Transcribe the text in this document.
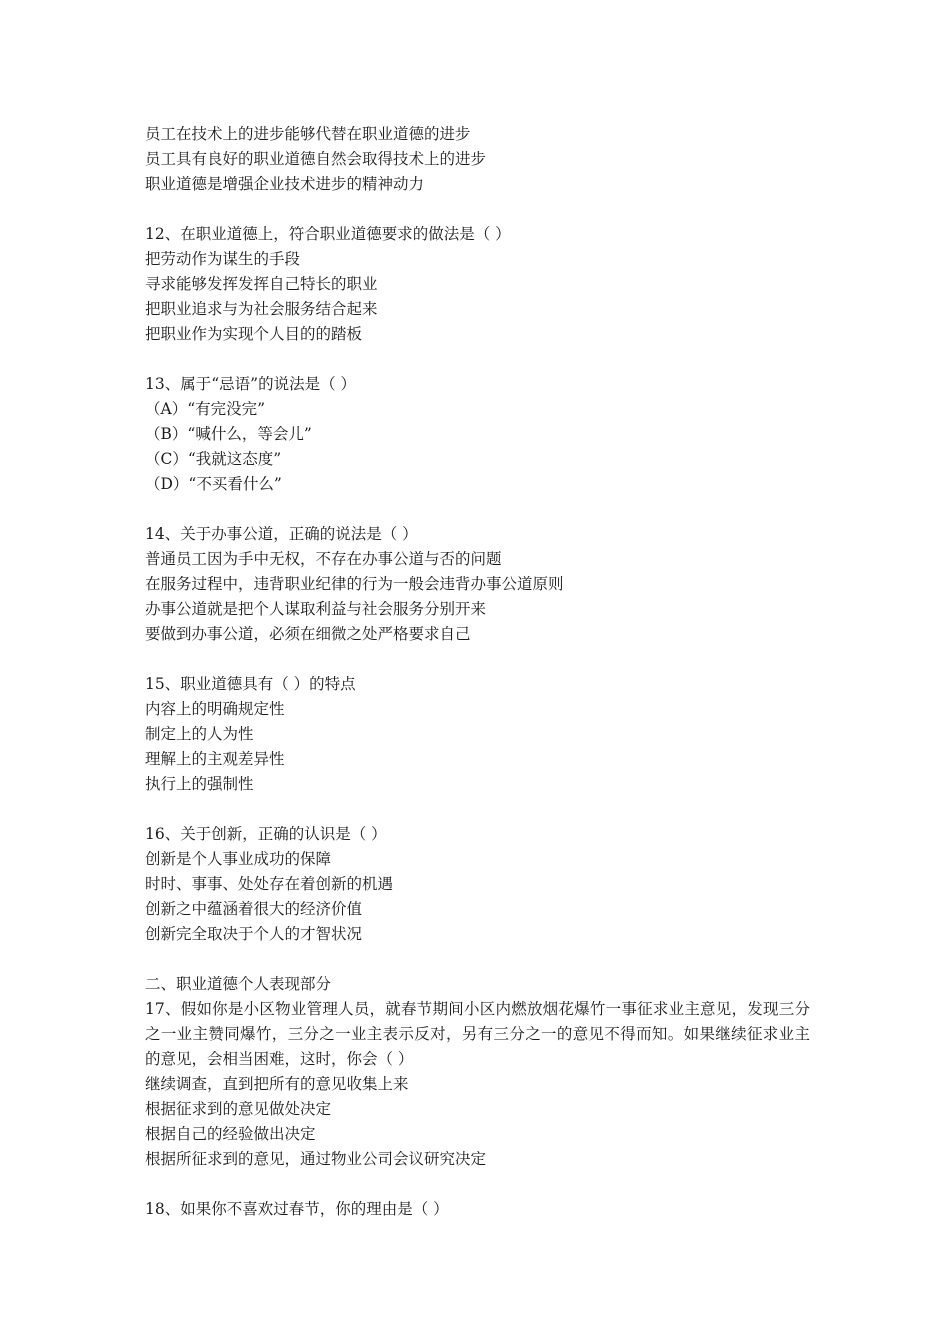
员工在技术上的进步能够代替在职业道德的进步
员工具有良好的职业道德自然会取得技术上的进步
职业道德是增强企业技术进步的精神动力
12、在职业道德上，符合职业道德要求的做法是（ ）
把劳动作为谋生的手段
寻求能够发挥发挥自己特长的职业
把职业追求与为社会服务结合起来
把职业作为实现个人目的的踏板
13、属于“忌语”的说法是（ ）
（A）“有完没完”
（B）“喊什么，等会儿”
（C）“我就这态度”
（D）“不买看什么”
14、关于办事公道，正确的说法是（ ）
普通员工因为手中无权，不存在办事公道与否的问题
在服务过程中，违背职业纪律的行为一般会违背办事公道原则
办事公道就是把个人谋取利益与社会服务分别开来
要做到办事公道，必须在细微之处严格要求自己
15、职业道德具有（ ）的特点
内容上的明确规定性
制定上的人为性
理解上的主观差异性
执行上的强制性
16、关于创新，正确的认识是（ ）
创新是个人事业成功的保障
时时、事事、处处存在着创新的机遇
创新之中蕴涵着很大的经济价值
创新完全取决于个人的才智状况
二、职业道德个人表现部分
17、假如你是小区物业管理人员，就春节期间小区内燃放烟花爆竹一事征求业主意见，发现三分之一业主赞同爆竹，三分之一业主表示反对，另有三分之一的意见不得而知。如果继续征求业主的意见，会相当困难，这时，你会（ ）
继续调查，直到把所有的意见收集上来
根据征求到的意见做处决定
根据自己的经验做出决定
根据所征求到的意见，通过物业公司会议研究决定
18、如果你不喜欢过春节，你的理由是（ ）
